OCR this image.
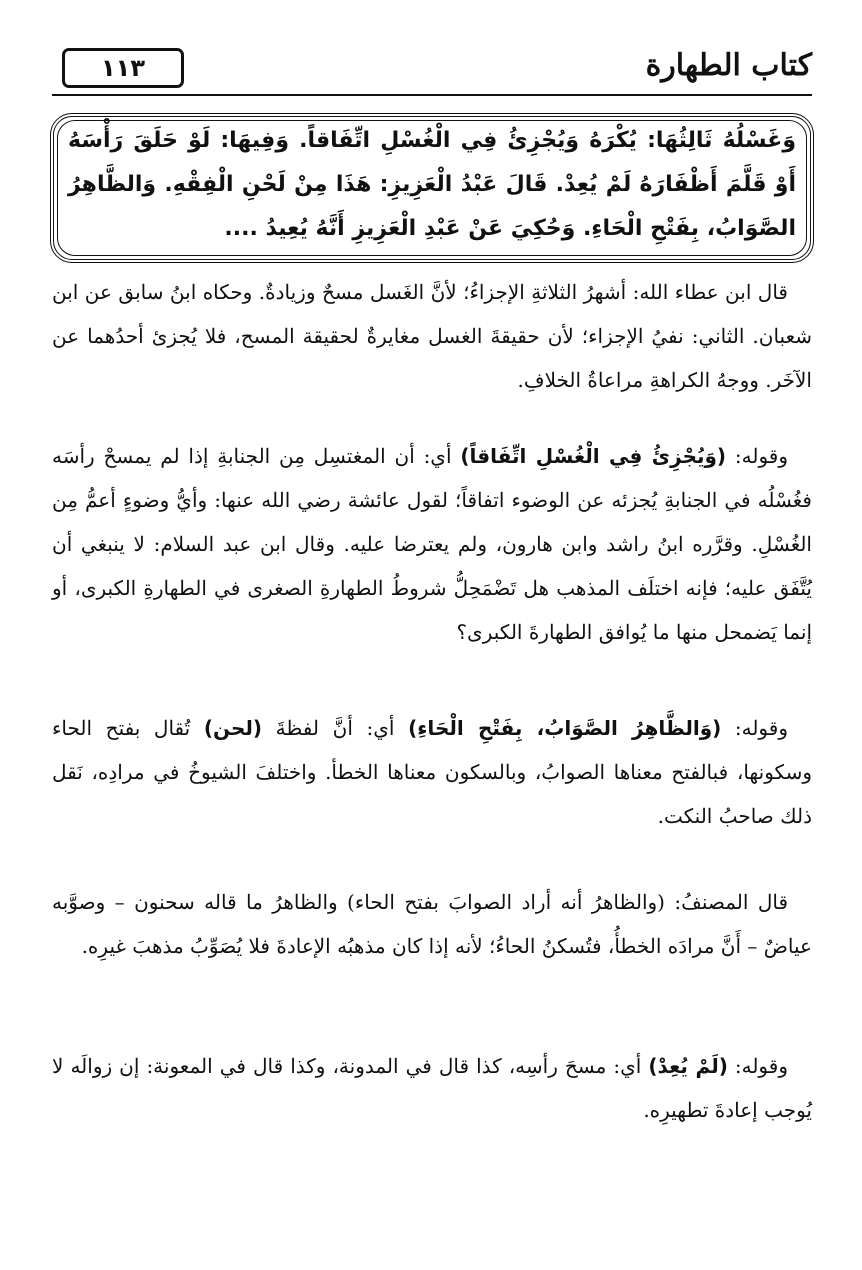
كتاب الطهارة
١١٣
وَغَسْلُهُ ثَالِثُهَا: يُكْرَهُ وَيُجْزِئُ فِي الْغُسْلِ اتِّفَاقاً. وَفِيهَا: لَوْ حَلَقَ رَأْسَهُ أَوْ قَلَّمَ أَظْفَارَهُ لَمْ يُعِدْ. قَالَ عَبْدُ الْعَزِيزِ: هَذَا مِنْ لَحْنِ الْفِقْهِ. وَالظَّاهِرُ الصَّوَابُ، بِفَتْحِ الْحَاءِ. وَحُكِيَ عَنْ عَبْدِ الْعَزِيزِ أَنَّهُ يُعِيدُ ....
قال ابن عطاء الله: أشهرُ الثلاثةِ الإجزاءُ؛ لأنَّ الغَسل مسحٌ وزيادةٌ. وحكاه ابنُ سابق عن ابن شعبان. الثاني: نفيُ الإجزاء؛ لأن حقيقةَ الغسل مغايرةٌ لحقيقة المسح، فلا يُجزئ أحدُهما عن الآخَر. ووجهُ الكراهةِ مراعاةُ الخلافِ.
وقوله: (وَيُجْزِئُ فِي الْغُسْلِ اتِّفَاقاً) أي: أن المغتسِل مِن الجنابةِ إذا لم يمسحْ رأسَه فغُسْلُه في الجنابةِ يُجزئه عن الوضوء اتفاقاً؛ لقول عائشة رضي الله عنها: وأيُّ وضوءٍ أعمُّ مِن الغُسْلِ. وقرَّره ابنُ راشد وابن هارون، ولم يعترضا عليه. وقال ابن عبد السلام: لا ينبغي أن يُتَّفَق عليه؛ فإنه اختلَف المذهب هل تَضْمَحِلُّ شروطُ الطهارةِ الصغرى في الطهارةِ الكبرى، أو إنما يَضمحل منها ما يُوافق الطهارةَ الكبرى؟
وقوله: (وَالظَّاهِرُ الصَّوَابُ، بِفَتْحِ الْحَاءِ) أي: أنَّ لفظةَ (لحن) تُقال بفتح الحاء وسكونها، فبالفتح معناها الصوابُ، وبالسكون معناها الخطأ. واختلفَ الشيوخُ في مرادِه، نَقل ذلك صاحبُ النكت.
قال المصنفُ: (والظاهرُ أنه أراد الصوابَ بفتح الحاء) والظاهرُ ما قاله سحنون – وصوَّبه عياضٌ – أَنَّ مرادَه الخطأُ، فتُسكنُ الحاءُ؛ لأنه إذا كان مذهبُه الإعادةَ فلا يُصَوِّبُ مذهبَ غيرِه.
وقوله: (لَمْ يُعِدْ) أي: مسحَ رأسِه، كذا قال في المدونة، وكذا قال في المعونة: إن زوالَه لا يُوجب إعادةَ تطهيرِه.
